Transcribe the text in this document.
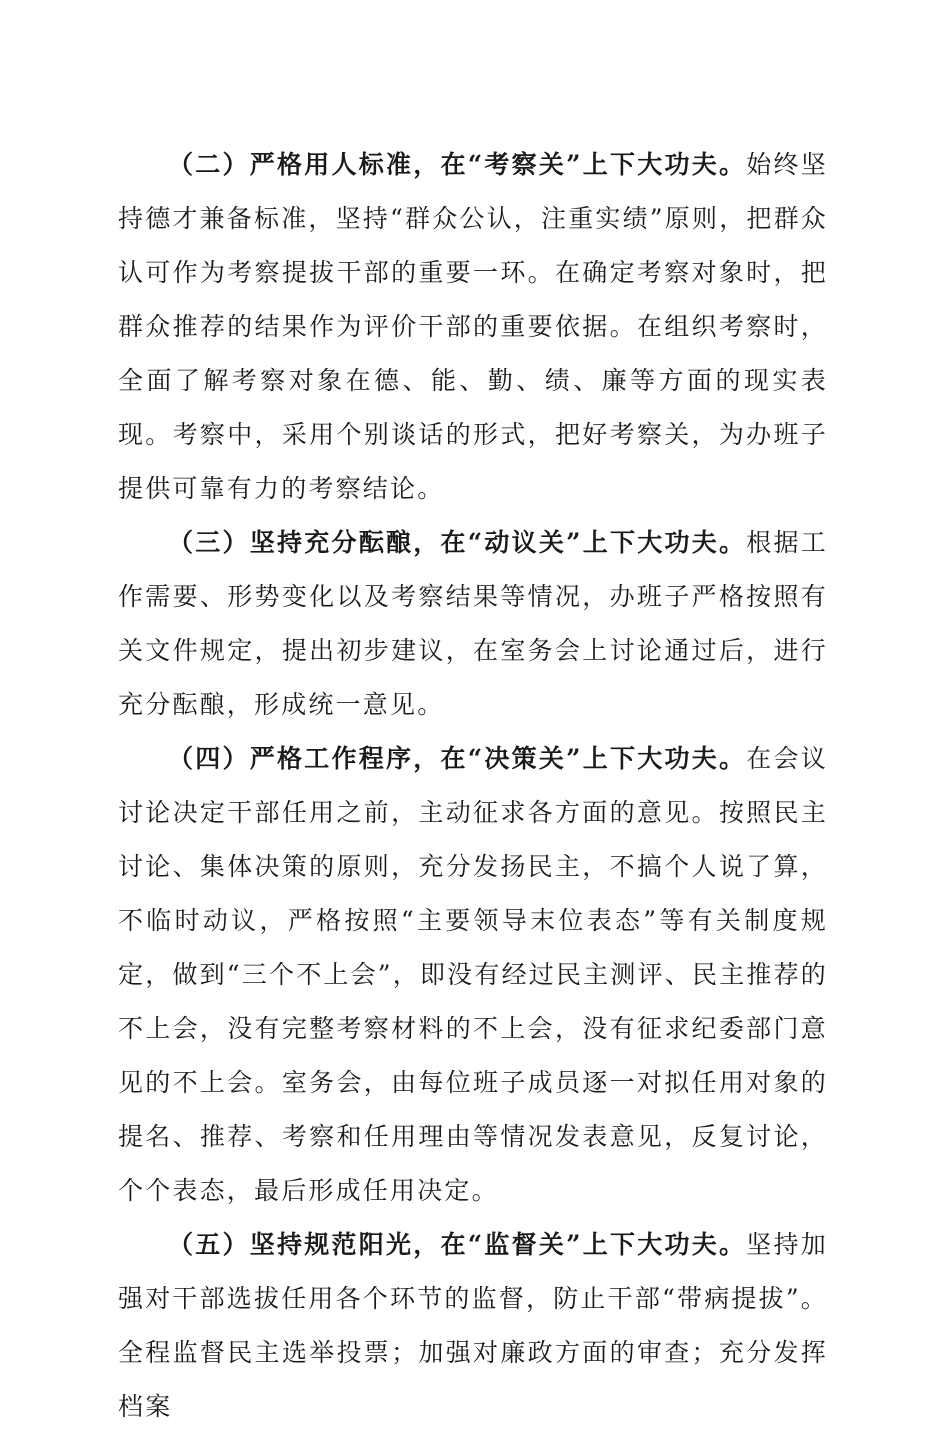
（二）严格用人标准，在“考察关”上下大功夫。始终坚持德才兼备标准，坚持“群众公认，注重实绩”原则，把群众认可作为考察提拔干部的重要一环。在确定考察对象时，把群众推荐的结果作为评价干部的重要依据。在组织考察时，全面了解考察对象在德、能、勤、绩、廉等方面的现实表现。考察中，采用个别谈话的形式，把好考察关，为办班子提供可靠有力的考察结论。

（三）坚持充分酝酿，在“动议关”上下大功夫。根据工作需要、形势变化以及考察结果等情况，办班子严格按照有关文件规定，提出初步建议，在室务会上讨论通过后，进行充分酝酿，形成统一意见。

（四）严格工作程序，在“决策关”上下大功夫。在会议讨论决定干部任用之前，主动征求各方面的意见。按照民主讨论、集体决策的原则，充分发扬民主，不搞个人说了算，不临时动议，严格按照“主要领导末位表态”等有关制度规定，做到“三个不上会”，即没有经过民主测评、民主推荐的不上会，没有完整考察材料的不上会，没有征求纪委部门意见的不上会。室务会，由每位班子成员逐一对拟任用对象的提名、推荐、考察和任用理由等情况发表意见，反复讨论，个个表态，最后形成任用决定。

（五）坚持规范阳光，在“监督关”上下大功夫。坚持加强对干部选拔任用各个环节的监督，防止干部“带病提拔”。全程监督民主选举投票；加强对廉政方面的审查；充分发挥档案
